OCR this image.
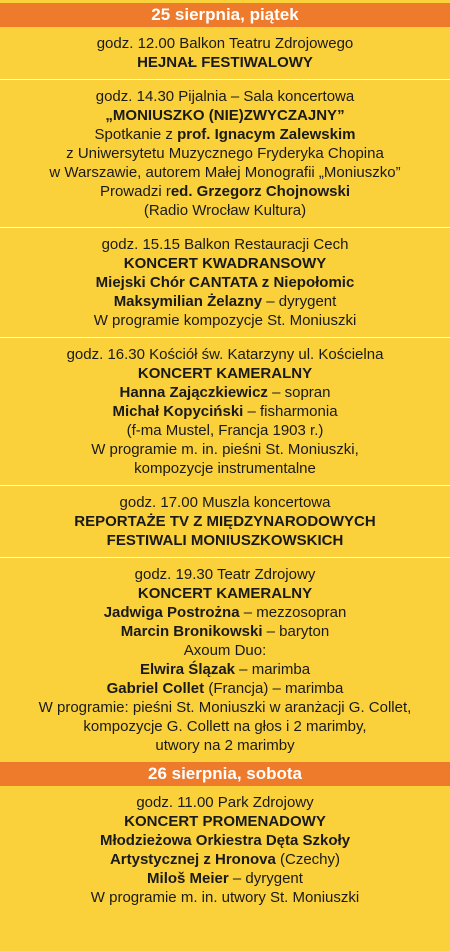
25 sierpnia, piątek
godz. 12.00 Balkon Teatru Zdrojowego
HEJNAŁ FESTIWALOWY
godz. 14.30 Pijalnia – Sala koncertowa
„MONIUSZKO (NIE)ZWYCZAJNY”
Spotkanie z prof. Ignacym Zalewskim
z Uniwersytetu Muzycznego Fryderyka Chopina
w Warszawie, autorem Małej Monografii „Moniuszko”
Prowadzi red. Grzegorz Chojnowski
(Radio Wrocław Kultura)
godz. 15.15 Balkon Restauracji Cech
KONCERT KWADRANSOWY
Miejski Chór CANTATA z Niepołomic
Maksymilian Żelazny – dyrygent
W programie kompozycje St. Moniuszki
godz. 16.30 Kościół św. Katarzyny ul. Kościelna
KONCERT KAMERALNY
Hanna Zajączkiewicz – sopran
Michał Kopyciński – fisharmonia
(f-ma Mustel, Francja 1903 r.)
W programie m. in. pieśni St. Moniuszki,
kompozycje instrumentalne
godz. 17.00 Muszla koncertowa
REPORTAŻE TV Z MIĘDZYNARODOWYCH
FESTIWALI MONIUSZKOWSKICH
godz. 19.30 Teatr Zdrojowy
KONCERT KAMERALNY
Jadwiga Postrożna – mezzosopran
Marcin Bronikowski – baryton
Axoum Duo:
Elwira Ślązak – marimba
Gabriel Collet (Francja) – marimba
W programie: pieśni St. Moniuszki w aranżacji G. Collet,
kompozycje G. Collett na głos i 2 marimby,
utwory na 2 marimby
26 sierpnia, sobota
godz. 11.00 Park Zdrojowy
KONCERT PROMENADOWY
Młodzieżowa Orkiestra Dęta Szkoły
Artystycznej z Hronova (Czechy)
Miloš Meier – dyrygent
W programie m. in. utwory St. Moniuszki
